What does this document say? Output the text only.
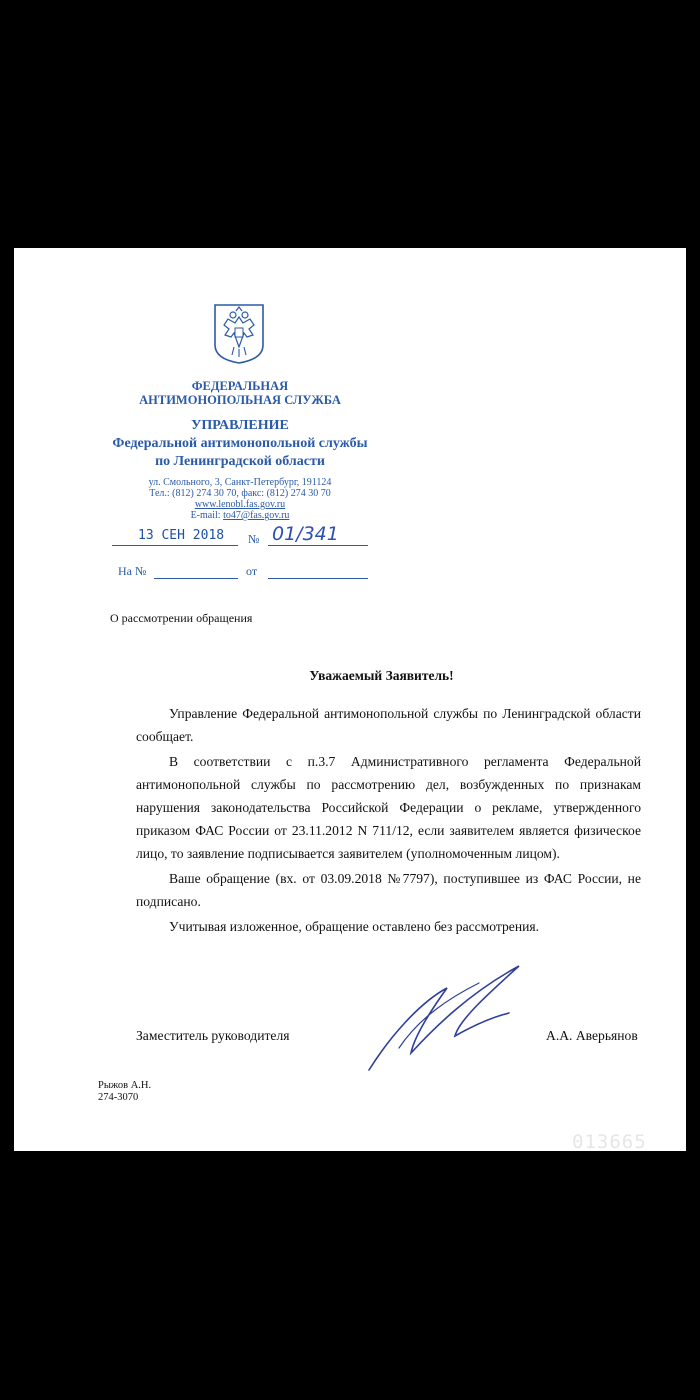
ФЕДЕРАЛЬНАЯ
АНТИМОНОПОЛЬНАЯ СЛУЖБА
УПРАВЛЕНИЕ
Федеральной антимонопольной службы
по Ленинградской области
ул. Смольного, 3, Санкт-Петербург, 191124
Тел.: (812) 274 30 70, факс: (812) 274 30 70
www.lenobl.fas.gov.ru
E-mail: to47@fas.gov.ru
13 СЕН 2018 № 01/341
На №	от
О рассмотрении обращения
Уважаемый Заявитель!

Управление Федеральной антимонопольной службы по Ленинградской области сообщает.

В соответствии с п.3.7 Административного регламента Федеральной антимонопольной службы по рассмотрению дел, возбужденных по признакам нарушения законодательства Российской Федерации о рекламе, утвержденного приказом ФАС России от 23.11.2012 N 711/12, если заявителем является физическое лицо, то заявление подписывается заявителем (уполномоченным лицом).

Ваше обращение (вх. от 03.09.2018 №7797), поступившее из ФАС России, не подписано.

Учитывая изложенное, обращение оставлено без рассмотрения.

Заместитель руководителя	А.А. Аверьянов
Рыжов А.Н.
274-3070
013665
